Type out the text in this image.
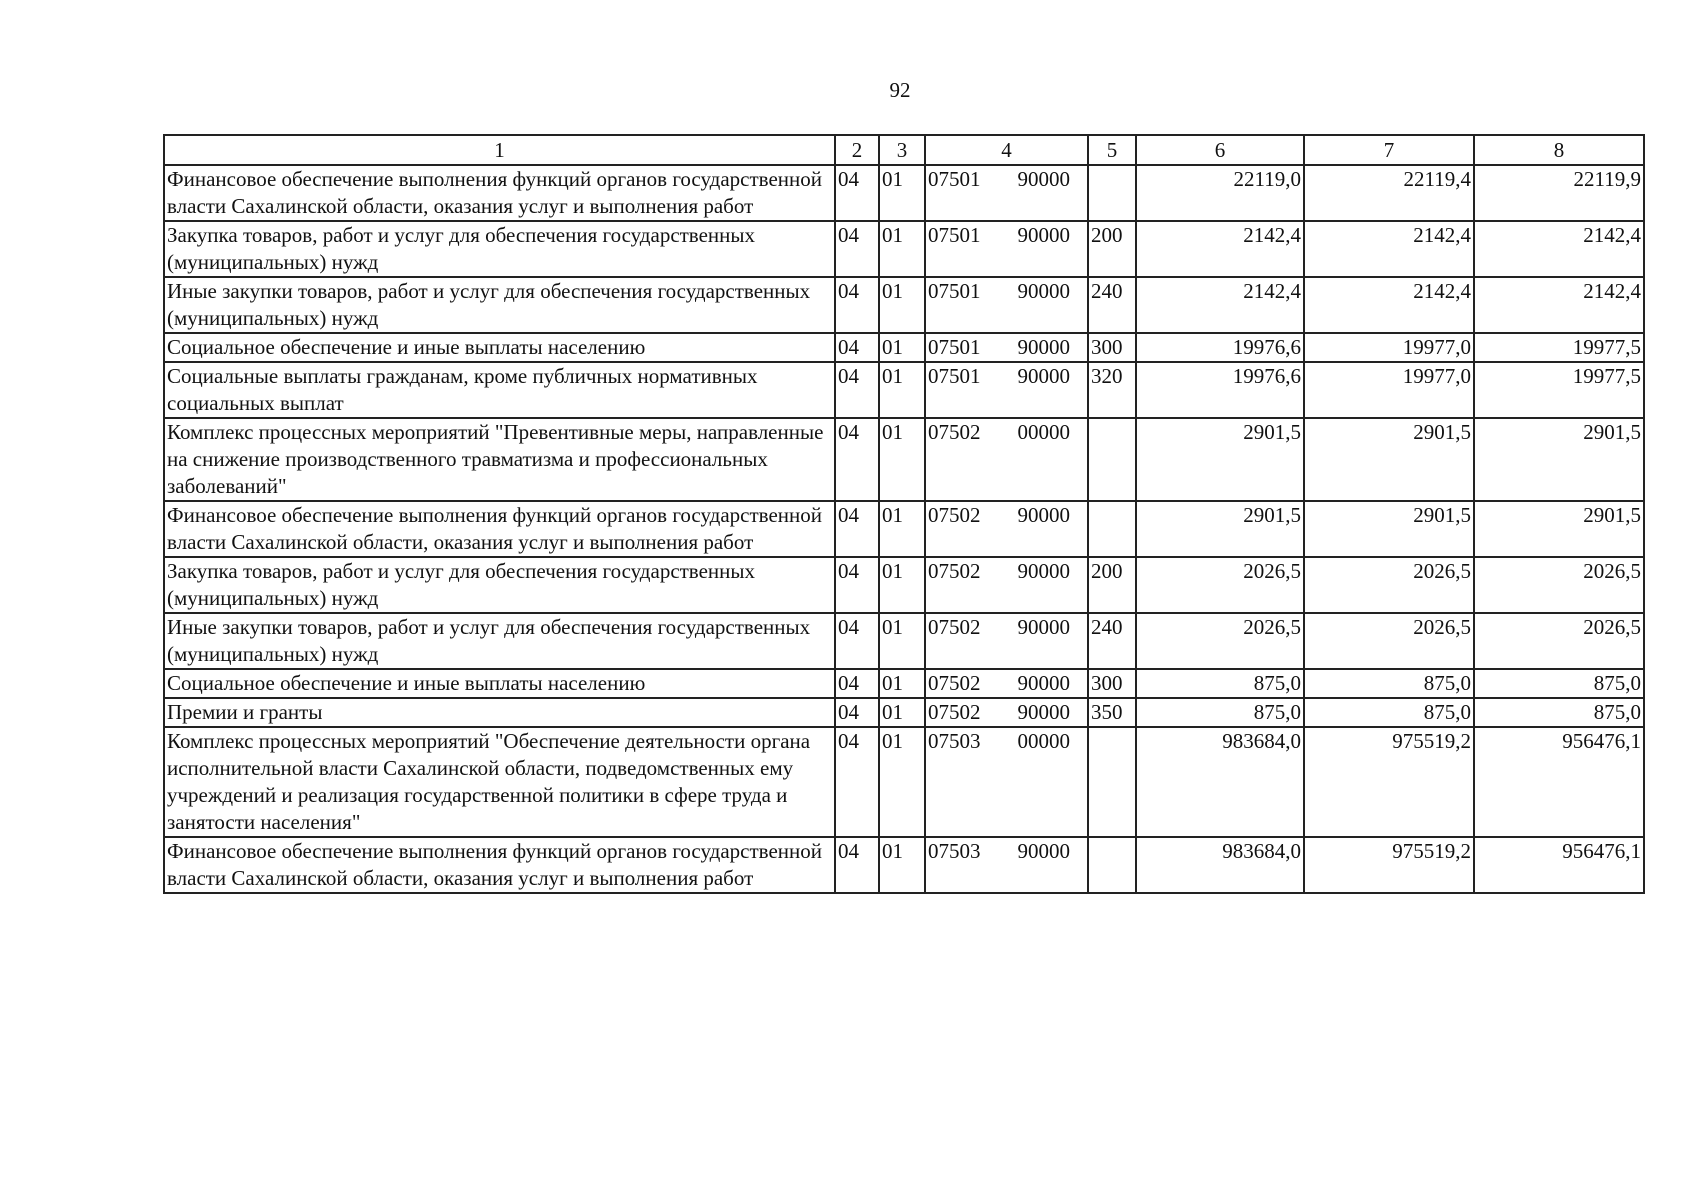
92
1	2	3	4	5	6	7	8
Финансовое обеспечение выполнения функций органов государственной власти Сахалинской области, оказания услуг и выполнения работ	04	01	07501 90000		22119,0	22119,4	22119,9
Закупка товаров, работ и услуг для обеспечения государственных (муниципальных) нужд	04	01	07501 90000	200	2142,4	2142,4	2142,4
Иные закупки товаров, работ и услуг для обеспечения государственных (муниципальных) нужд	04	01	07501 90000	240	2142,4	2142,4	2142,4
Социальное обеспечение и иные выплаты населению	04	01	07501 90000	300	19976,6	19977,0	19977,5
Социальные выплаты гражданам, кроме публичных нормативных социальных выплат	04	01	07501 90000	320	19976,6	19977,0	19977,5
Комплекс процессных мероприятий "Превентивные меры, направленные на снижение производственного травматизма и профессиональных заболеваний"	04	01	07502 00000		2901,5	2901,5	2901,5
Финансовое обеспечение выполнения функций органов государственной власти Сахалинской области, оказания услуг и выполнения работ	04	01	07502 90000		2901,5	2901,5	2901,5
Закупка товаров, работ и услуг для обеспечения государственных (муниципальных) нужд	04	01	07502 90000	200	2026,5	2026,5	2026,5
Иные закупки товаров, работ и услуг для обеспечения государственных (муниципальных) нужд	04	01	07502 90000	240	2026,5	2026,5	2026,5
Социальное обеспечение и иные выплаты населению	04	01	07502 90000	300	875,0	875,0	875,0
Премии и гранты	04	01	07502 90000	350	875,0	875,0	875,0
Комплекс процессных мероприятий "Обеспечение деятельности органа исполнительной власти Сахалинской области, подведомственных ему учреждений и реализация государственной политики в сфере труда и занятости населения"	04	01	07503 00000		983684,0	975519,2	956476,1
Финансовое обеспечение выполнения функций органов государственной власти Сахалинской области, оказания услуг и выполнения работ	04	01	07503 90000		983684,0	975519,2	956476,1
